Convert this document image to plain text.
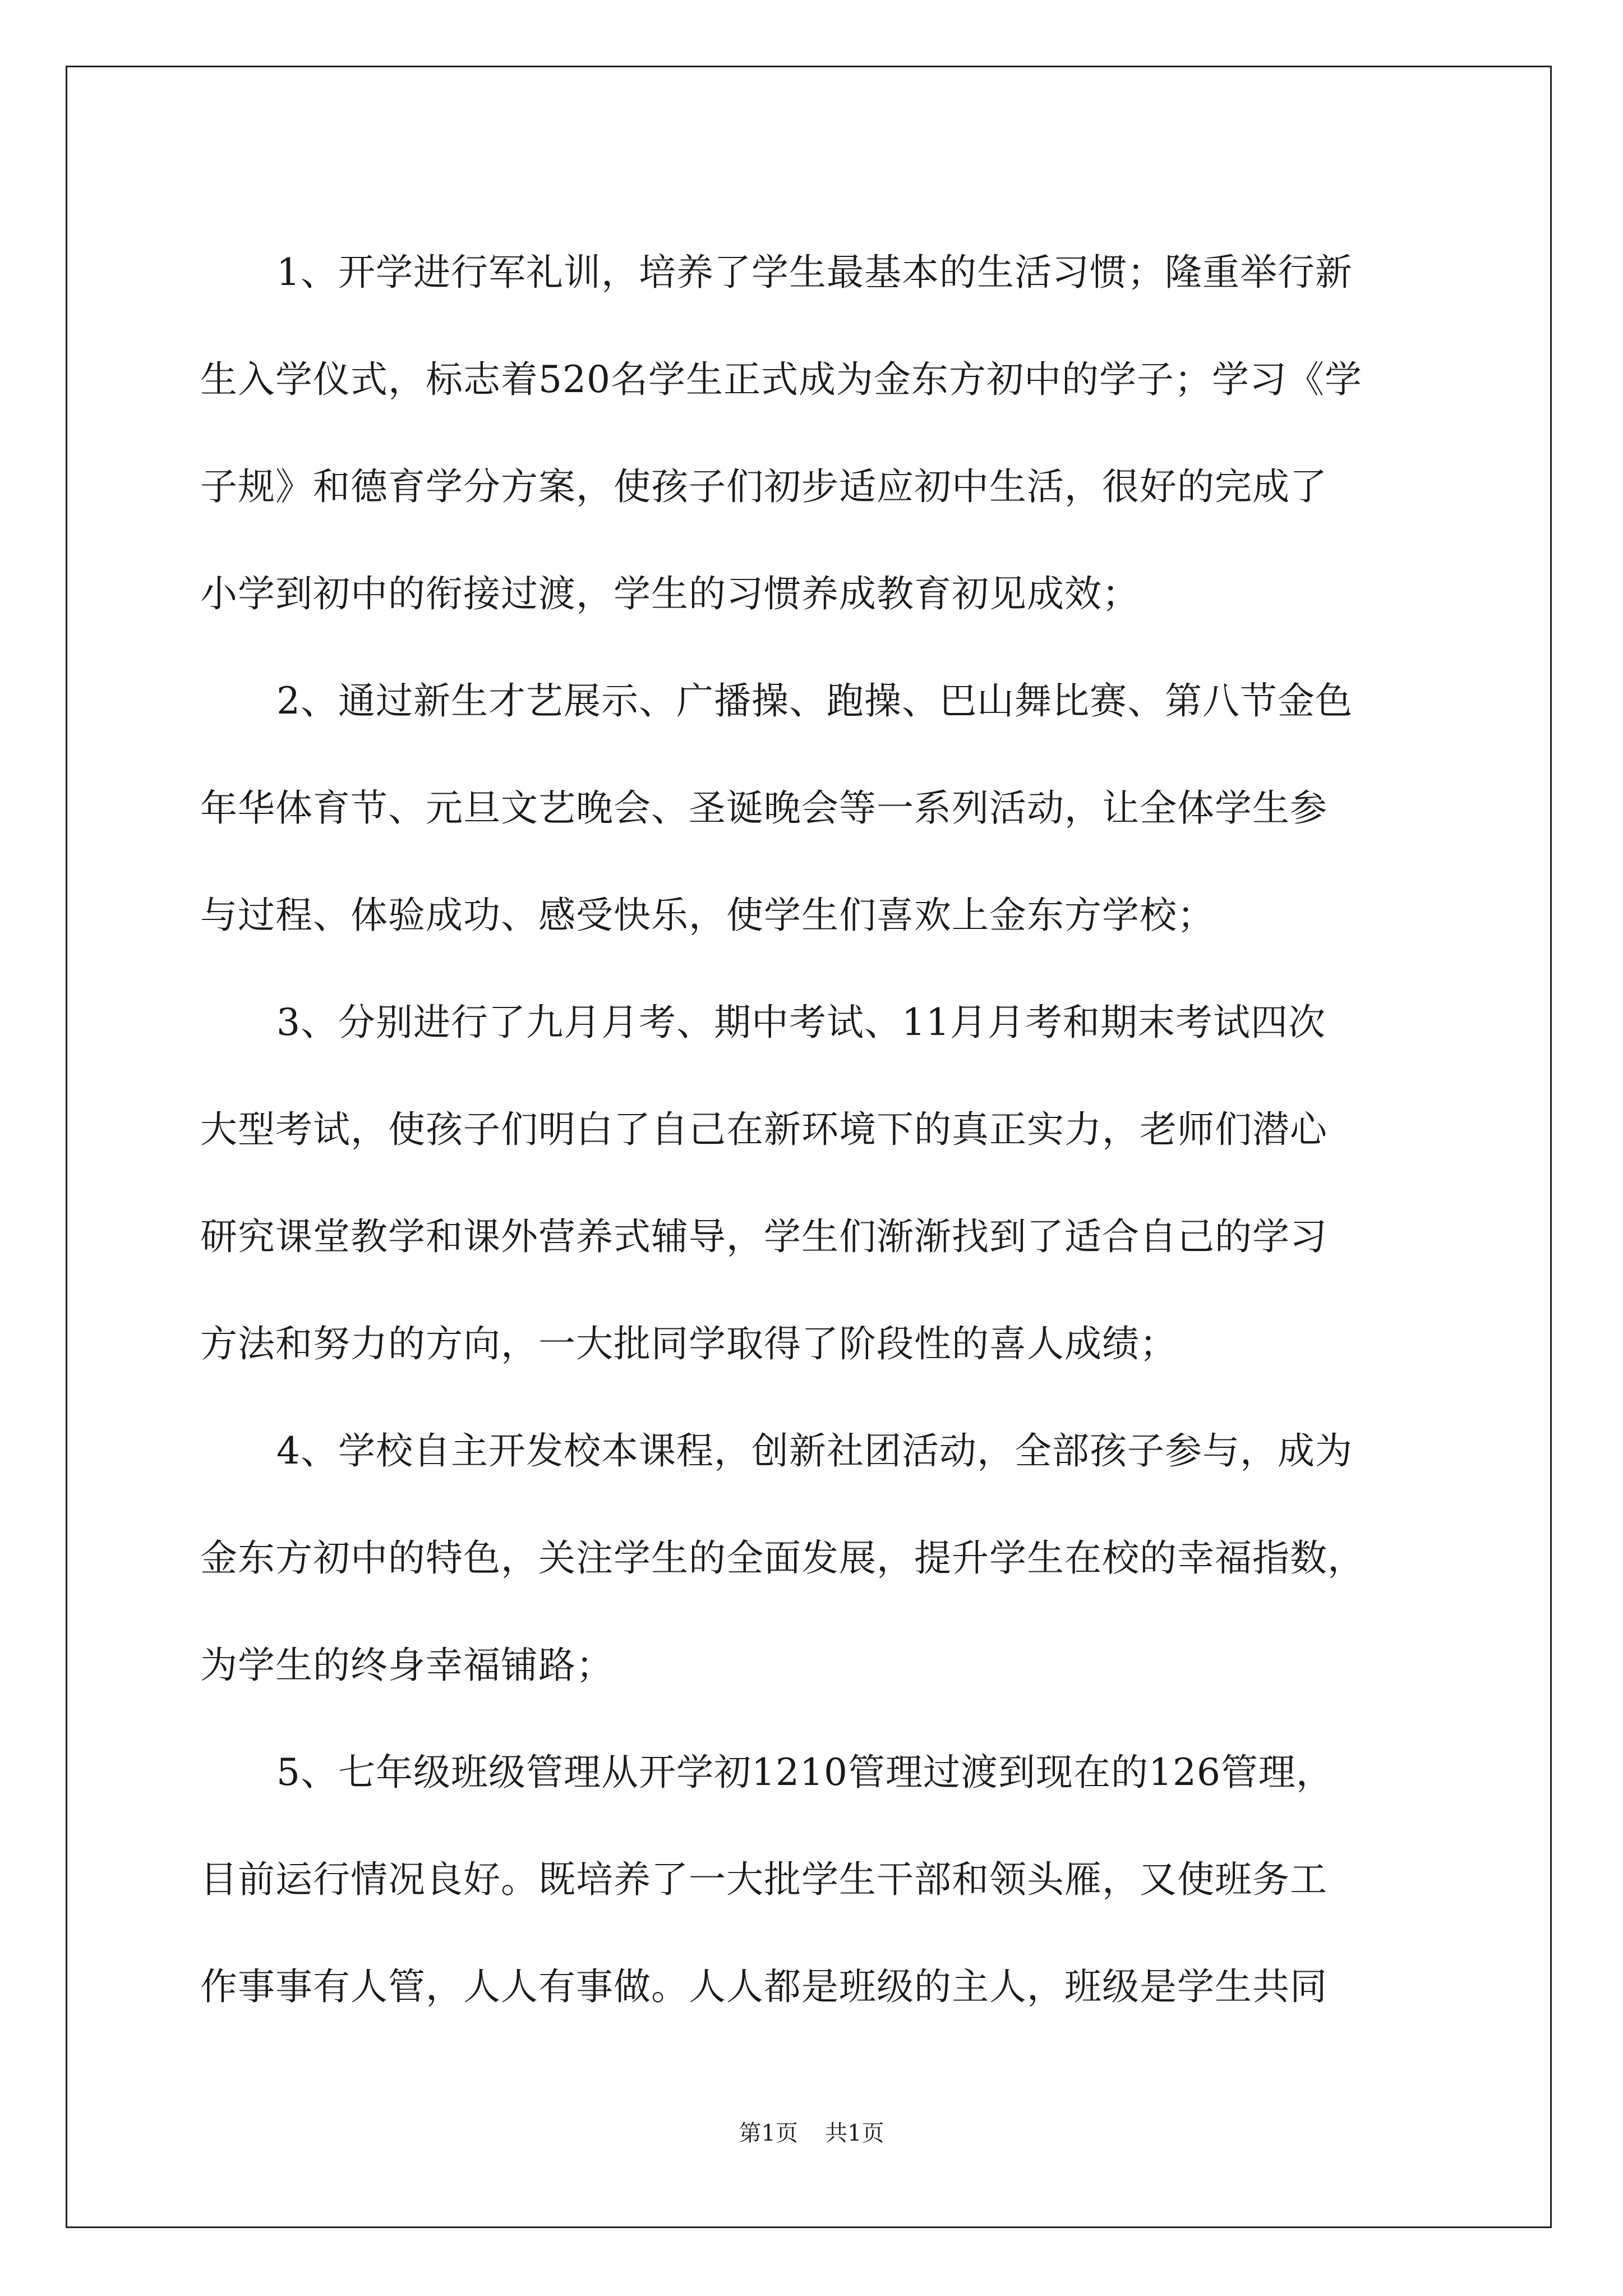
1、开学进行军礼训，培养了学生最基本的生活习惯；隆重举行新
生入学仪式，标志着520名学生正式成为金东方初中的学子；学习《学
子规》和德育学分方案，使孩子们初步适应初中生活，很好的完成了
小学到初中的衔接过渡，学生的习惯养成教育初见成效；

2、通过新生才艺展示、广播操、跑操、巴山舞比赛、第八节金色
年华体育节、元旦文艺晚会、圣诞晚会等一系列活动，让全体学生参
与过程、体验成功、感受快乐，使学生们喜欢上金东方学校；

3、分别进行了九月月考、期中考试、11月月考和期末考试四次
大型考试，使孩子们明白了自己在新环境下的真正实力，老师们潜心
研究课堂教学和课外营养式辅导，学生们渐渐找到了适合自己的学习
方法和努力的方向，一大批同学取得了阶段性的喜人成绩；

4、学校自主开发校本课程，创新社团活动，全部孩子参与，成为
金东方初中的特色，关注学生的全面发展，提升学生在校的幸福指数，
为学生的终身幸福铺路；

5、七年级班级管理从开学初1210管理过渡到现在的126管理，
目前运行情况良好。既培养了一大批学生干部和领头雁，又使班务工
作事事有人管，人人有事做。人人都是班级的主人，班级是学生共同

第1页 共1页
